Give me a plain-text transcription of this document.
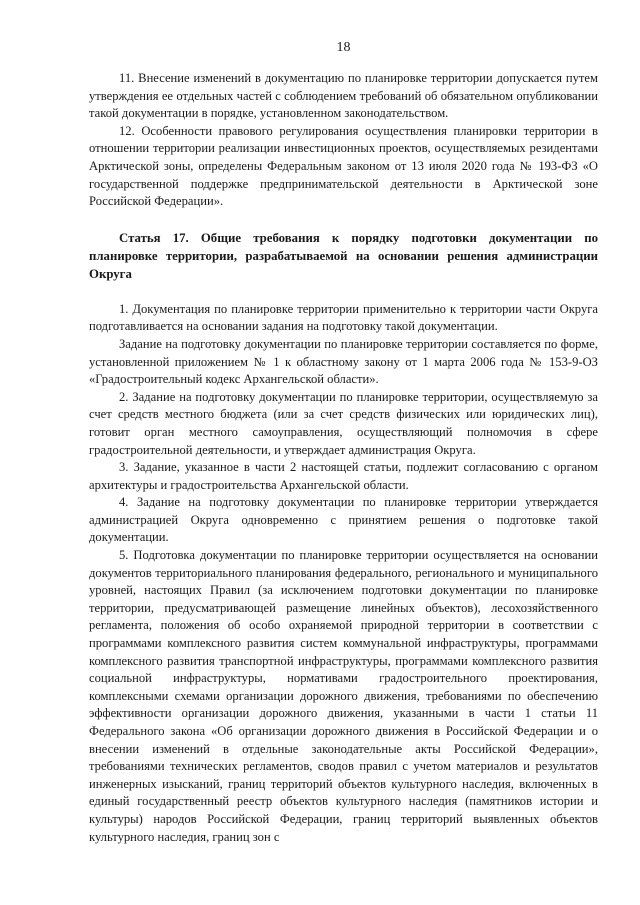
18

11. Внесение изменений в документацию по планировке территории допускается путем утверждения ее отдельных частей с соблюдением требований об обязательном опубликовании такой документации в порядке, установленном законодательством.

12. Особенности правового регулирования осуществления планировки территории в отношении территории реализации инвестиционных проектов, осуществляемых резидентами Арктической зоны, определены Федеральным законом от 13 июля 2020 года № 193-ФЗ «О государственной поддержке предпринимательской деятельности в Арктической зоне Российской Федерации».

Статья 17. Общие требования к порядку подготовки документации по планировке территории, разрабатываемой на основании решения администрации Округа

1. Документация по планировке территории применительно к территории части Округа подготавливается на основании задания на подготовку такой документации.

Задание на подготовку документации по планировке территории составляется по форме, установленной приложением № 1 к областному закону от 1 марта 2006 года № 153-9-ОЗ «Градостроительный кодекс Архангельской области».

2. Задание на подготовку документации по планировке территории, осуществляемую за счет средств местного бюджета (или за счет средств физических или юридических лиц), готовит орган местного самоуправления, осуществляющий полномочия в сфере градостроительной деятельности, и утверждает администрация Округа.

3. Задание, указанное в части 2 настоящей статьи, подлежит согласованию с органом архитектуры и градостроительства Архангельской области.

4. Задание на подготовку документации по планировке территории утверждается администрацией Округа одновременно с принятием решения о подготовке такой документации.

5. Подготовка документации по планировке территории осуществляется на основании документов территориального планирования федерального, регионального и муниципального уровней, настоящих Правил (за исключением подготовки документации по планировке территории, предусматривающей размещение линейных объектов), лесохозяйственного регламента, положения об особо охраняемой природной территории в соответствии с программами комплексного развития систем коммунальной инфраструктуры, программами комплексного развития транспортной инфраструктуры, программами комплексного развития социальной инфраструктуры, нормативами градостроительного проектирования, комплексными схемами организации дорожного движения, требованиями по обеспечению эффективности организации дорожного движения, указанными в части 1 статьи 11 Федерального закона «Об организации дорожного движения в Российской Федерации и о внесении изменений в отдельные законодательные акты Российской Федерации», требованиями технических регламентов, сводов правил с учетом материалов и результатов инженерных изысканий, границ территорий объектов культурного наследия, включенных в единый государственный реестр объектов культурного наследия (памятников истории и культуры) народов Российской Федерации, границ территорий выявленных объектов культурного наследия, границ зон с
